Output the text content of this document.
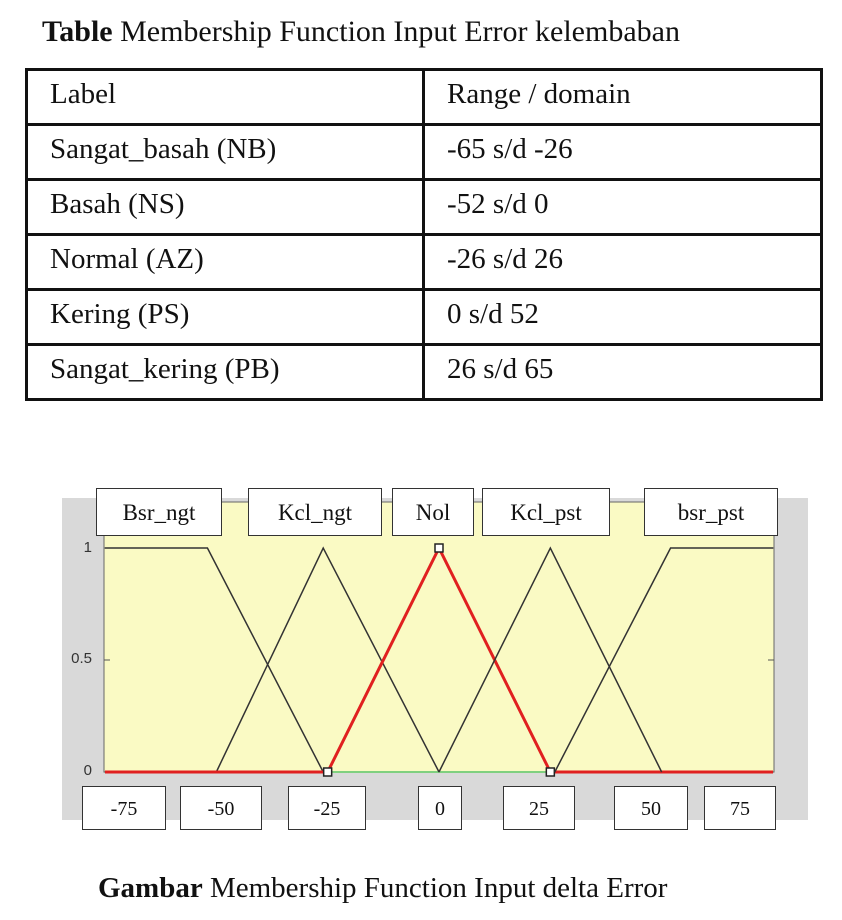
Table Membership Function Input Error kelembaban
Label	Range / domain
Sangat_basah (NB)	-65 s/d -26
Basah (NS)	-52 s/d 0
Normal (AZ)	-26 s/d 26
Kering (PS)	0 s/d 52
Sangat_kering (PB)	26 s/d 65
0
0.5
1
Bsr_ngt	Kcl_ngt	Nol	Kcl_pst	bsr_pst
-75	-50	-25	0	25	50	75
Gambar Membership Function Input delta Error
